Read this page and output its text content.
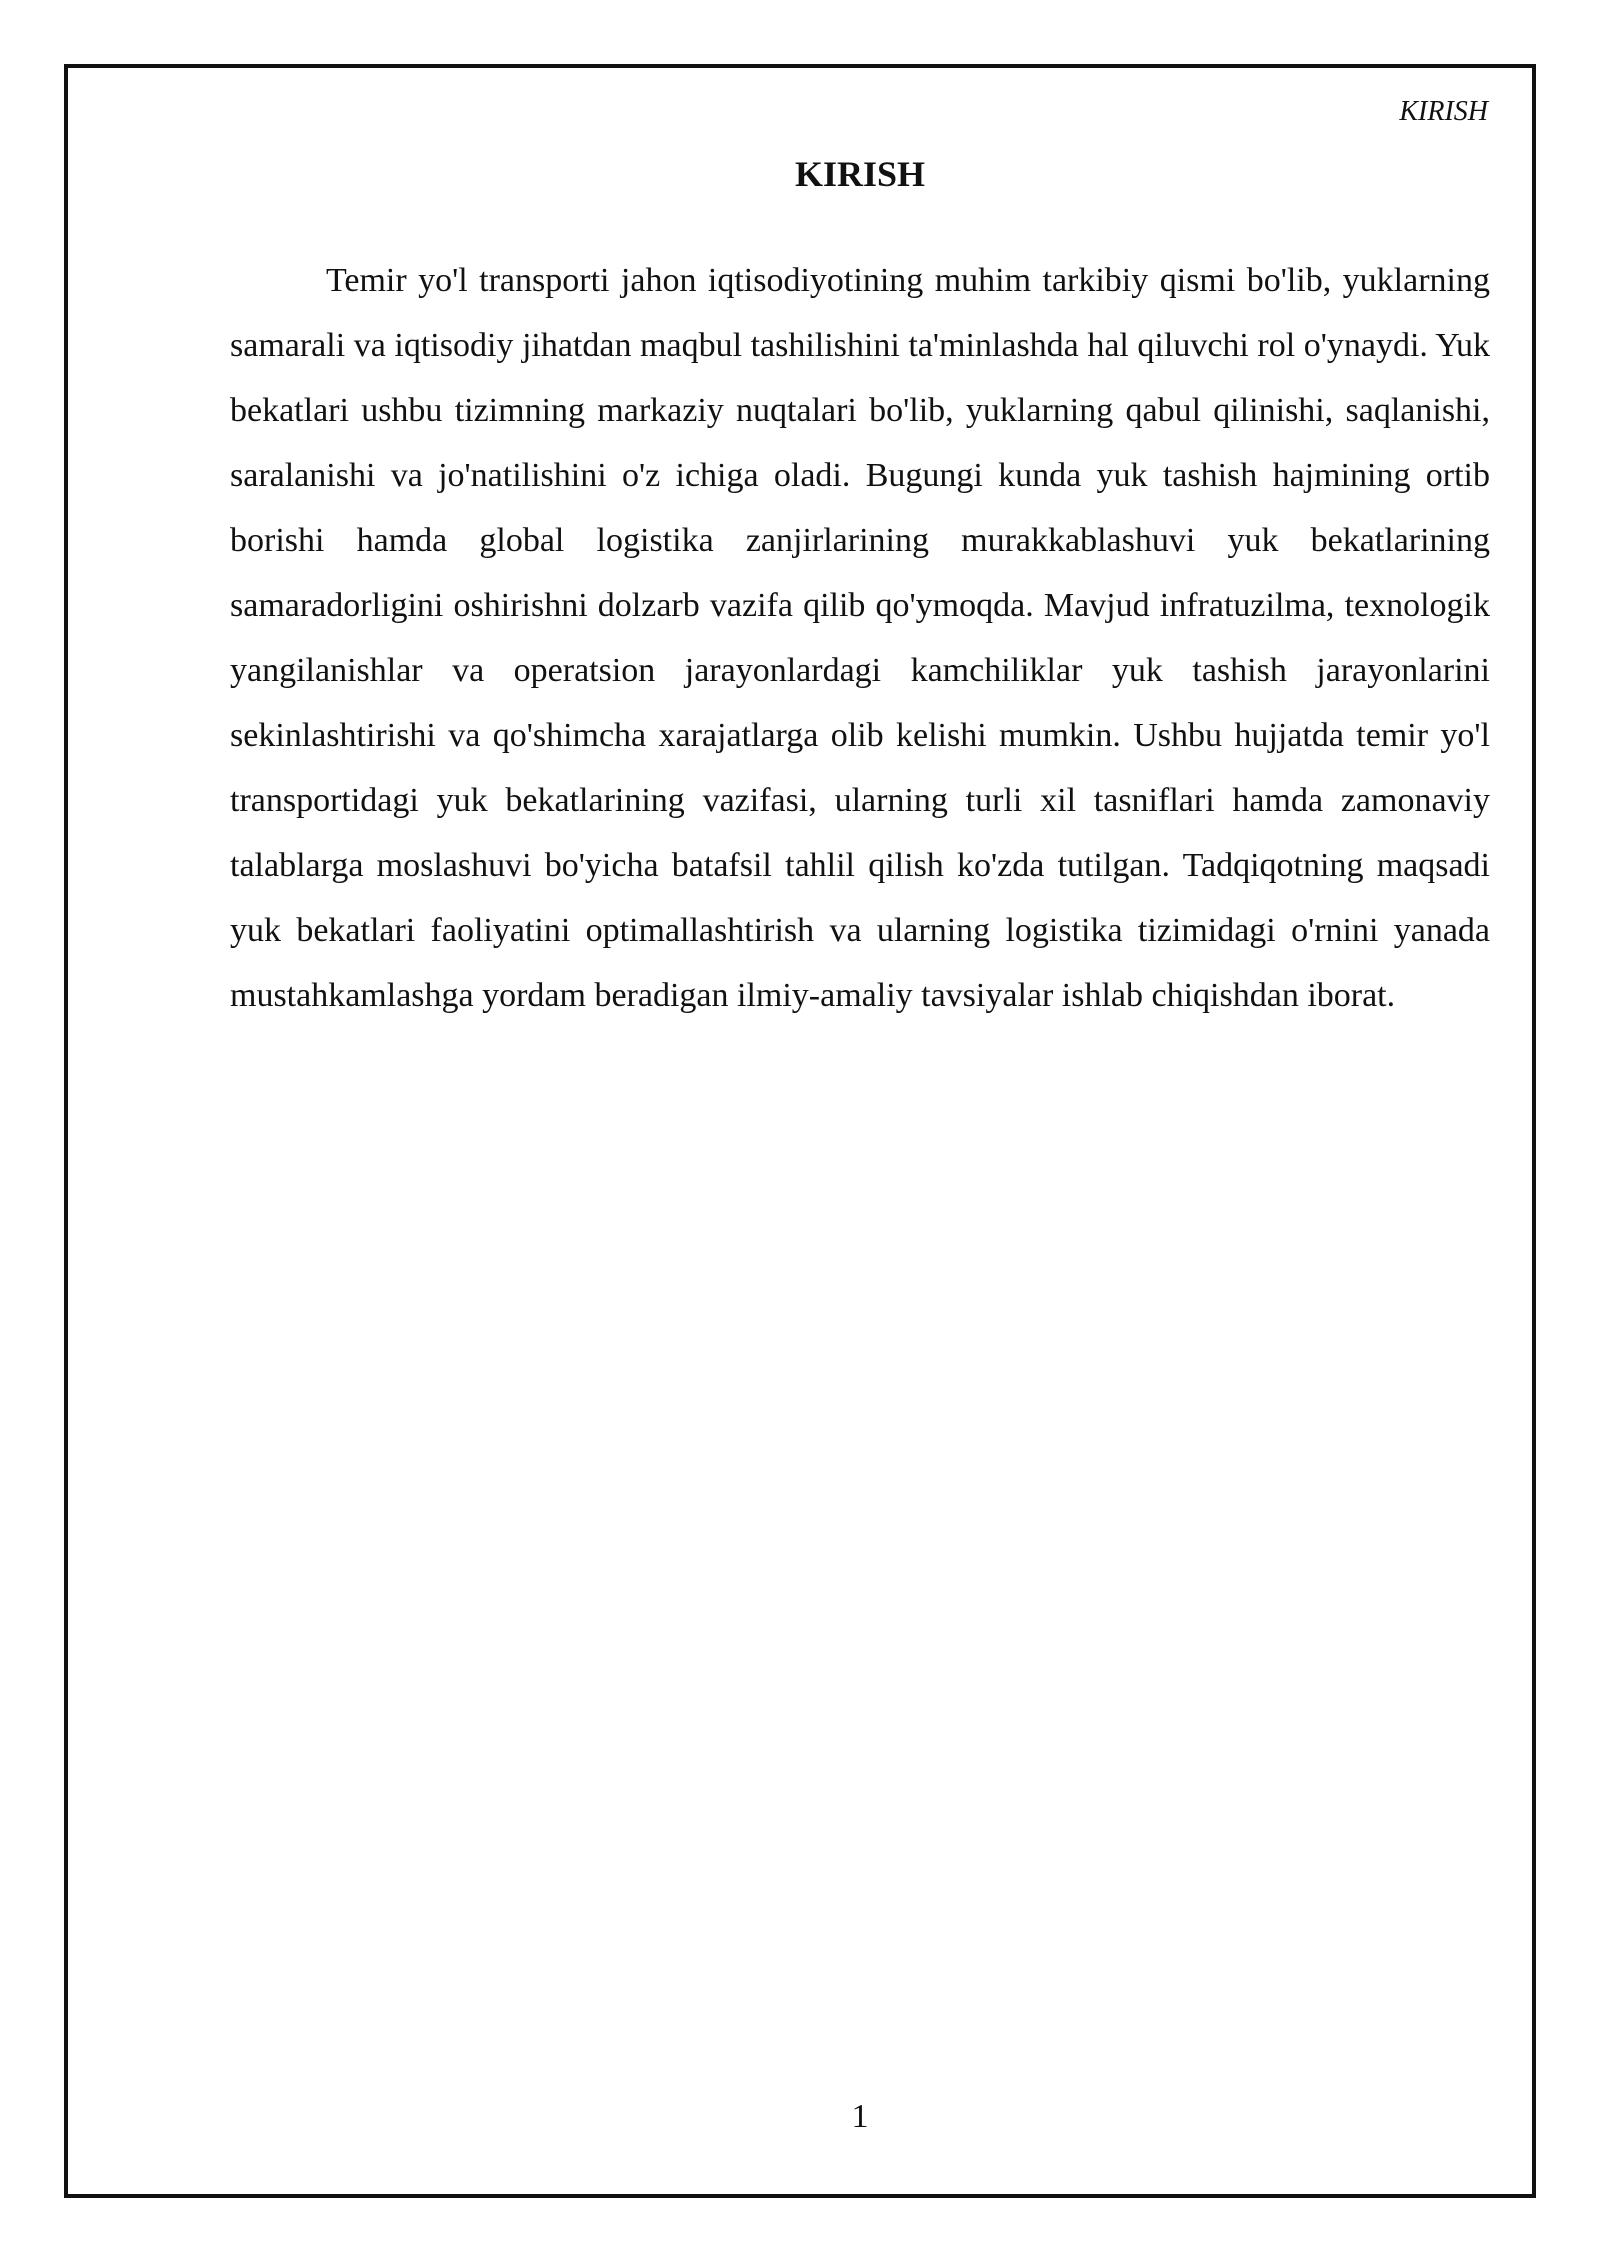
KIRISH
KIRISH

Temir yo'l transporti jahon iqtisodiyotining muhim tarkibiy qismi bo'lib, yuklarning samarali va iqtisodiy jihatdan maqbul tashilishini ta'minlashda hal qiluvchi rol o'ynaydi. Yuk bekatlari ushbu tizimning markaziy nuqtalari bo'lib, yuklarning qabul qilinishi, saqlanishi, saralanishi va jo'natilishini o'z ichiga oladi. Bugungi kunda yuk tashish hajmining ortib borishi hamda global logistika zanjirlarining murakkablashuvi yuk bekatlarining samaradorligini oshirishni dolzarb vazifa qilib qo'ymoqda. Mavjud infratuzilma, texnologik yangilanishlar va operatsion jarayonlardagi kamchiliklar yuk tashish jarayonlarini sekinlashtirishi va qo'shimcha xarajatlarga olib kelishi mumkin. Ushbu hujjatda temir yo'l transportidagi yuk bekatlarining vazifasi, ularning turli xil tasniflari hamda zamonaviy talablarga moslashuvi bo'yicha batafsil tahlil qilish ko'zda tutilgan. Tadqiqotning maqsadi yuk bekatlari faoliyatini optimallashtirish va ularning logistika tizimidagi o'rnini yanada mustahkamlashga yordam beradigan ilmiy-amaliy tavsiyalar ishlab chiqishdan iborat.

1
